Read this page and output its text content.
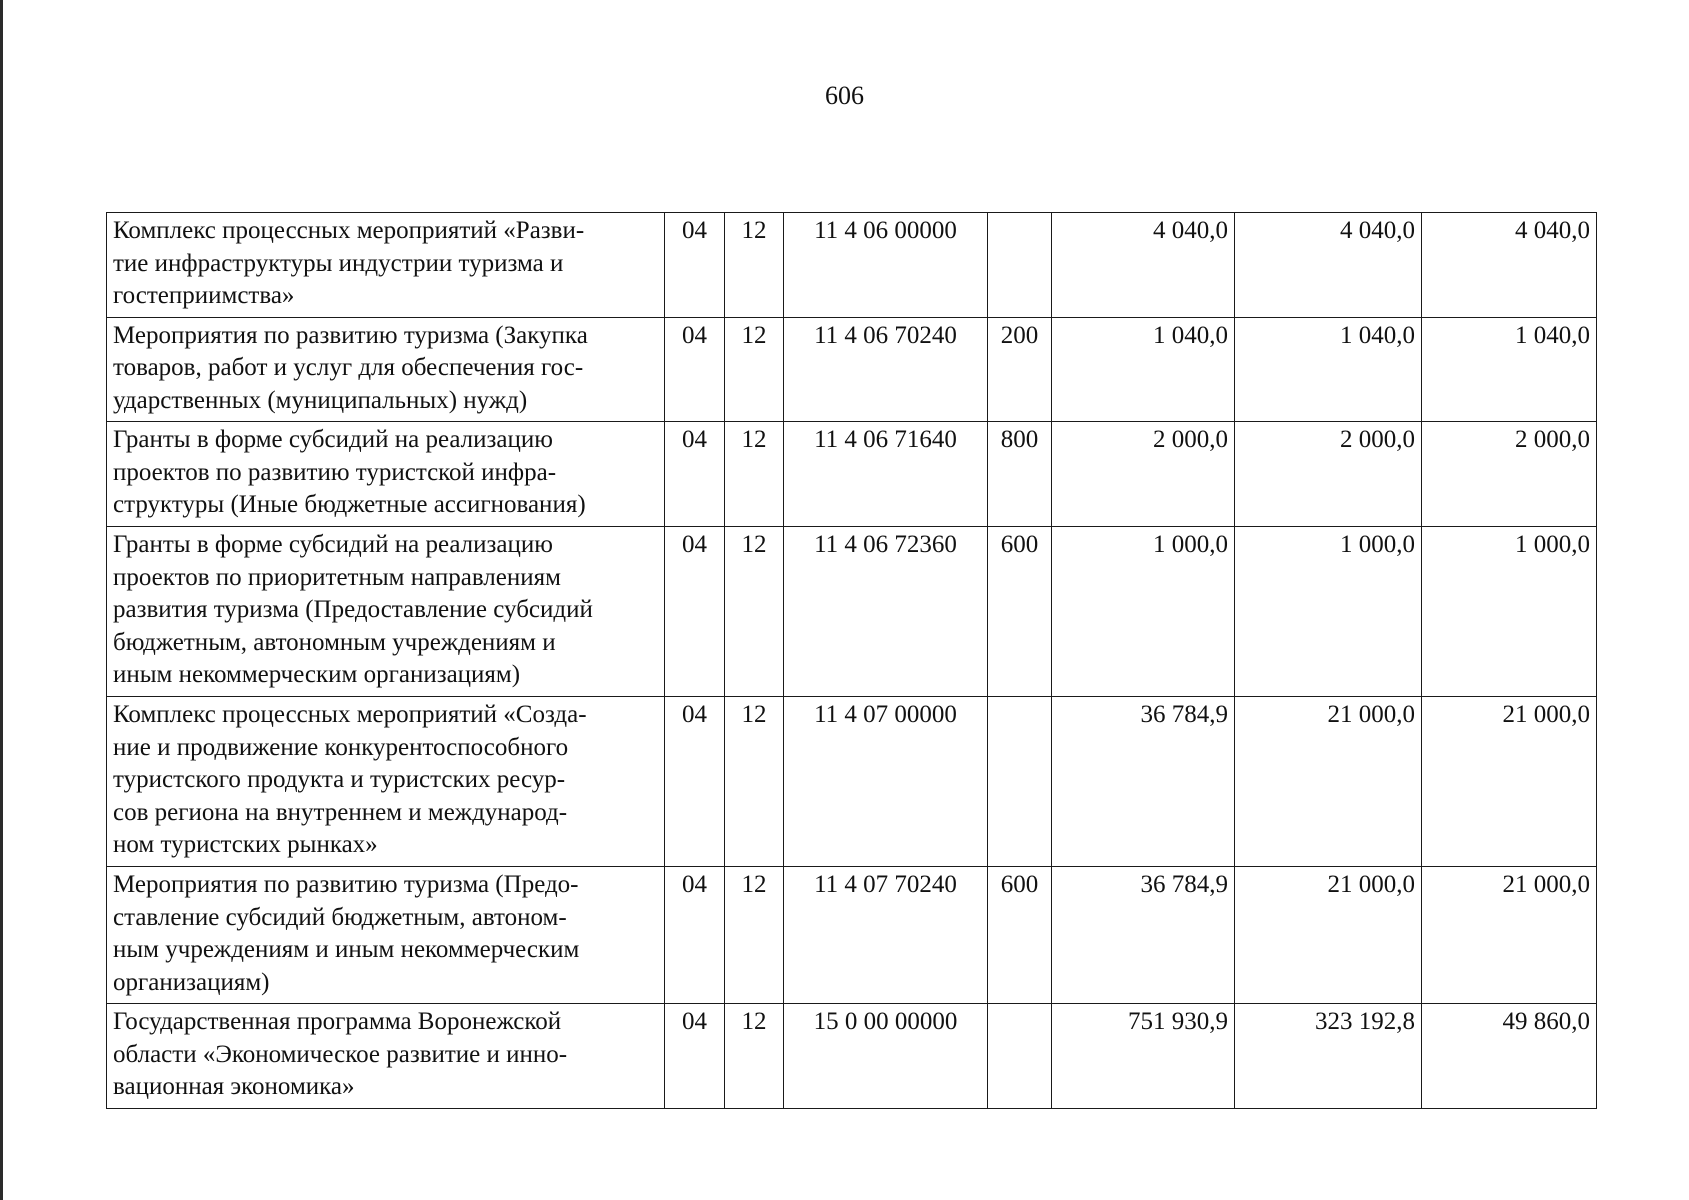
606
Комплекс процессных мероприятий «Разви-
тие инфраструктуры индустрии туризма и
гостеприимства»	04	12	11 4 06 00000		4 040,0	4 040,0	4 040,0

Мероприятия по развитию туризма (Закупка
товаров, работ и услуг для обеспечения гос-
ударственных (муниципальных) нужд)	04	12	11 4 06 70240	200	1 040,0	1 040,0	1 040,0

Гранты в форме субсидий на реализацию
проектов по развитию туристской инфра-
структуры (Иные бюджетные ассигнования)	04	12	11 4 06 71640	800	2 000,0	2 000,0	2 000,0

Гранты в форме субсидий на реализацию
проектов по приоритетным направлениям
развития туризма (Предоставление субсидий
бюджетным, автономным учреждениям и
иным некоммерческим организациям)	04	12	11 4 06 72360	600	1 000,0	1 000,0	1 000,0

Комплекс процессных мероприятий «Созда-
ние и продвижение конкурентоспособного
туристского продукта и туристских ресур-
сов региона на внутреннем и международ-
ном туристских рынках»	04	12	11 4 07 00000		36 784,9	21 000,0	21 000,0

Мероприятия по развитию туризма (Предо-
ставление субсидий бюджетным, автоном-
ным учреждениям и иным некоммерческим
организациям)	04	12	11 4 07 70240	600	36 784,9	21 000,0	21 000,0

Государственная программа Воронежской
области «Экономическое развитие и инно-
вационная экономика»	04	12	15 0 00 00000		751 930,9	323 192,8	49 860,0
